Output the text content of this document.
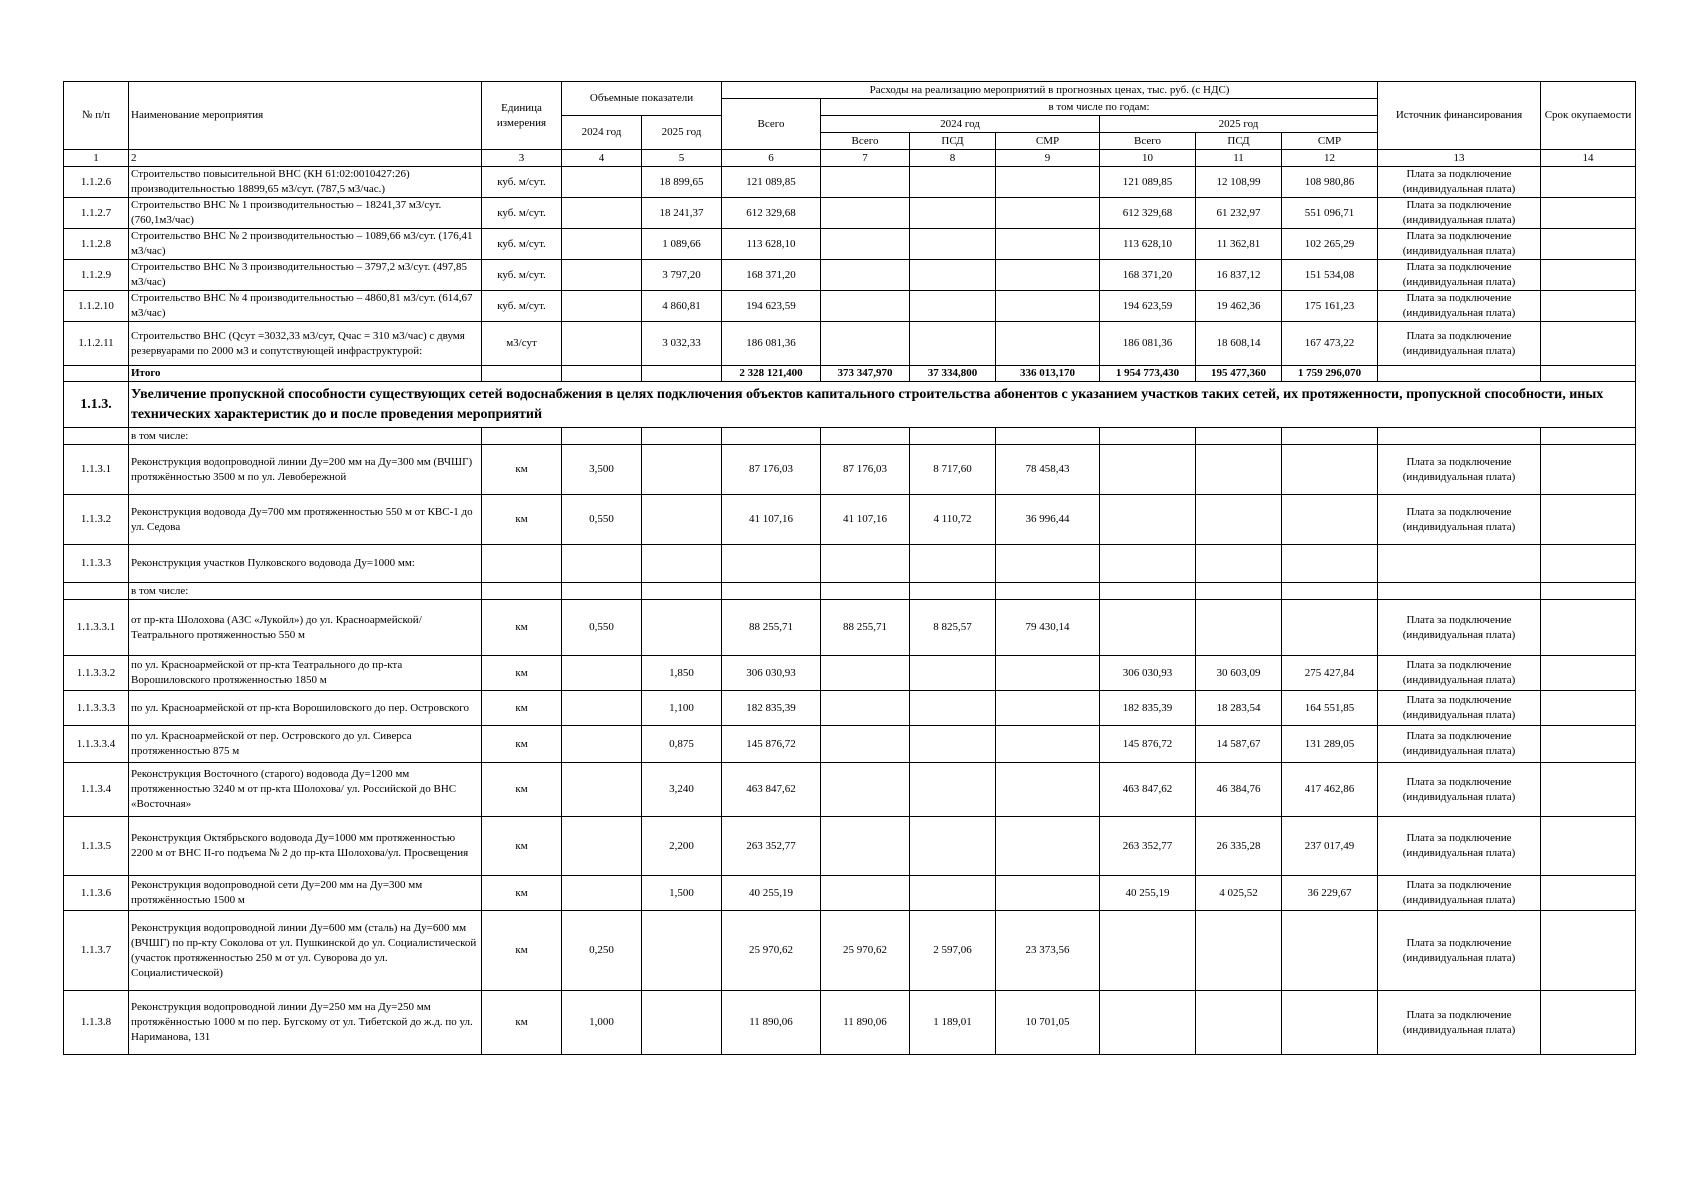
№ п/п	Наименование мероприятия	Единица измерения	Объемные показатели		Расходы на реализацию мероприятий в прогнозных ценах, тыс. руб. (с НДС)							Источник финансирования	Срок окупаемости
					Всего	в том числе по годам:							
			2024 год	2025 год		2024 год			2025 год				
						Всего	ПСД	СМР	Всего	ПСД	СМР		
1	2	3	4	5	6	7	8	9	10	11	12	13	14
1.1.2.6	Строительство повысительной ВНС (КН 61:02:0010427:26) производительностью 18899,65 м3/сут. (787,5 м3/час.)	куб. м/сут.		18 899,65	121 089,85				121 089,85	12 108,99	108 980,86	Плата за подключение (индивидуальная плата)	
1.1.2.7	Строительство ВНС № 1 производительностью – 18241,37 м3/сут. (760,1м3/час)	куб. м/сут.		18 241,37	612 329,68				612 329,68	61 232,97	551 096,71	Плата за подключение (индивидуальная плата)	
1.1.2.8	Строительство ВНС № 2 производительностью – 1089,66 м3/сут. (176,41 м3/час)	куб. м/сут.		1 089,66	113 628,10				113 628,10	11 362,81	102 265,29	Плата за подключение (индивидуальная плата)	
1.1.2.9	Строительство ВНС № 3 производительностью – 3797,2 м3/сут. (497,85 м3/час)	куб. м/сут.		3 797,20	168 371,20				168 371,20	16 837,12	151 534,08	Плата за подключение (индивидуальная плата)	
1.1.2.10	Строительство ВНС № 4 производительностью – 4860,81 м3/сут. (614,67 м3/час)	куб. м/сут.		4 860,81	194 623,59				194 623,59	19 462,36	175 161,23	Плата за подключение (индивидуальная плата)	
1.1.2.11	Строительство ВНС (Qсут =3032,33 м3/сут, Qчас = 310 м3/час) с двумя резервуарами по 2000 м3 и сопутствующей инфраструктурой:	м3/сут		3 032,33	186 081,36				186 081,36	18 608,14	167 473,22	Плата за подключение (индивидуальная плата)	
	Итого				2 328 121,400	373 347,970	37 334,800	336 013,170	1 954 773,430	195 477,360	1 759 296,070		
1.1.3.	Увеличение пропускной способности существующих сетей водоснабжения в целях подключения объектов капитального строительства абонентов с указанием участков таких сетей, их протяженности, пропускной способности, иных технических характеристик до и после проведения мероприятий												
	в том числе:												
1.1.3.1	Реконструкция водопроводной линии Ду=200 мм на Ду=300 мм (ВЧШГ) протяжённостью 3500 м по ул. Левобережной	км	3,500		87 176,03	87 176,03	8 717,60	78 458,43				Плата за подключение (индивидуальная плата)	
1.1.3.2	Реконструкция водовода Ду=700 мм протяженностью 550 м от КВС-1 до ул. Седова	км	0,550		41 107,16	41 107,16	4 110,72	36 996,44				Плата за подключение (индивидуальная плата)	
1.1.3.3	Реконструкция участков Пулковского водовода Ду=1000 мм:												
	в том числе:												
1.1.3.3.1	от пр-кта Шолохова (АЗС «Лукойл») до ул. Красноармейской/Театрального протяженностью 550 м	км	0,550		88 255,71	88 255,71	8 825,57	79 430,14				Плата за подключение (индивидуальная плата)	
1.1.3.3.2	по ул. Красноармейской от пр-кта Театрального до пр-кта Ворошиловского протяженностью 1850 м	км		1,850	306 030,93				306 030,93	30 603,09	275 427,84	Плата за подключение (индивидуальная плата)	
1.1.3.3.3	по ул. Красноармейской от пр-кта Ворошиловского до пер. Островского	км		1,100	182 835,39				182 835,39	18 283,54	164 551,85	Плата за подключение (индивидуальная плата)	
1.1.3.3.4	по ул. Красноармейской от пер. Островского до ул. Сиверса протяженностью 875 м	км		0,875	145 876,72				145 876,72	14 587,67	131 289,05	Плата за подключение (индивидуальная плата)	
1.1.3.4	Реконструкция Восточного (старого) водовода Ду=1200 мм протяженностью 3240 м от пр-кта Шолохова/ ул. Российской до ВНС «Восточная»	км		3,240	463 847,62				463 847,62	46 384,76	417 462,86	Плата за подключение (индивидуальная плата)	
1.1.3.5	Реконструкция Октябрьского водовода Ду=1000 мм протяженностью 2200 м от ВНС II-го подъема № 2 до пр-кта Шолохова/ул. Просвещения	км		2,200	263 352,77				263 352,77	26 335,28	237 017,49	Плата за подключение (индивидуальная плата)	
1.1.3.6	Реконструкция водопроводной сети Ду=200 мм на Ду=300 мм протяжённостью 1500 м	км		1,500	40 255,19				40 255,19	4 025,52	36 229,67	Плата за подключение (индивидуальная плата)	
1.1.3.7	Реконструкция водопроводной линии Ду=600 мм (сталь) на Ду=600 мм (ВЧШГ) по пр-кту Соколова от ул. Пушкинской до ул. Социалистической (участок протяженностью 250 м от ул. Суворова до ул. Социалистической)	км	0,250		25 970,62	25 970,62	2 597,06	23 373,56				Плата за подключение (индивидуальная плата)	
1.1.3.8	Реконструкция водопроводной линии Ду=250 мм на Ду=250 мм протяжённостью 1000 м по пер. Бугскому от ул. Тибетской до ж.д. по ул. Нариманова, 131	км	1,000		11 890,06	11 890,06	1 189,01	10 701,05				Плата за подключение (индивидуальная плата)	
